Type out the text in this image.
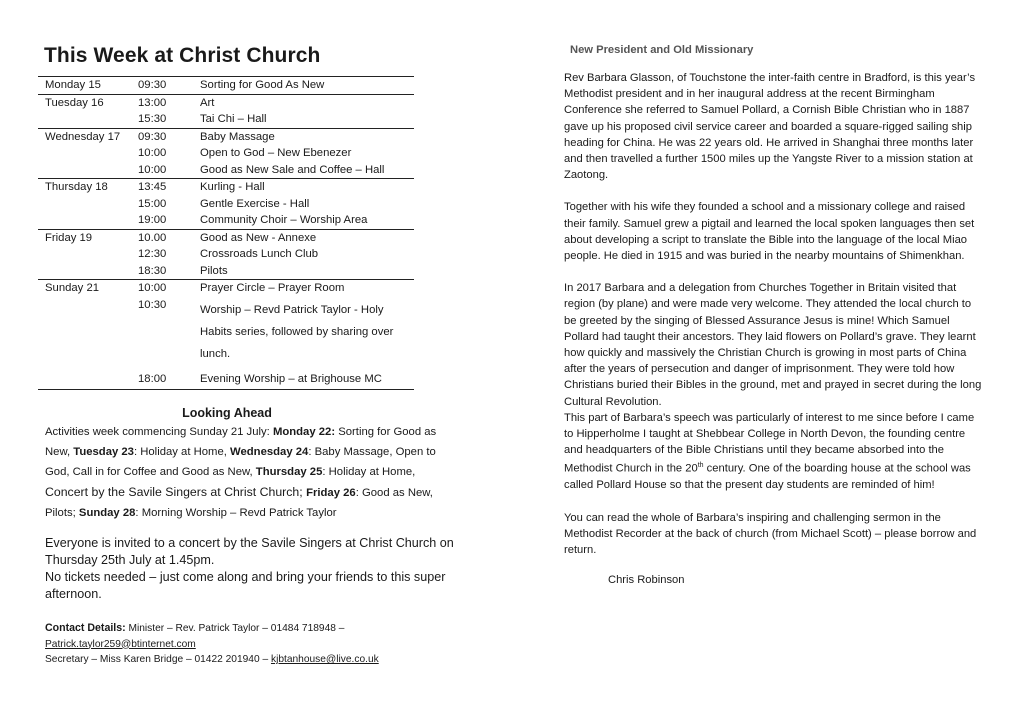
This Week at Christ Church
Monday 15	09:30	Sorting for Good As New
Tuesday 16	13:00	Art
	15:30	Tai Chi – Hall
Wednesday 17	09:30	Baby Massage
	10:00	Open to God – New Ebenezer
	10:00	Good as New Sale and Coffee – Hall
Thursday 18	13:45	Kurling - Hall
	15:00	Gentle Exercise - Hall
	19:00	Community Choir – Worship Area
Friday 19	10.00	Good as New - Annexe
	12:30	Crossroads Lunch Club
	18:30	Pilots
Sunday 21	10:00	Prayer Circle – Prayer Room
	10:30	Worship – Revd Patrick Taylor - Holy Habits series, followed by sharing over lunch.
	18:00	Evening Worship – at Brighouse MC
Looking Ahead
Activities week commencing Sunday 21 July: Monday 22: Sorting for Good as New, Tuesday 23: Holiday at Home, Wednesday 24: Baby Massage, Open to God, Call in for Coffee and Good as New, Thursday 25: Holiday at Home, Concert by the Savile Singers at Christ Church; Friday 26: Good as New, Pilots; Sunday 28: Morning Worship – Revd Patrick Taylor
Everyone is invited to a concert by the Savile Singers at Christ Church on Thursday 25th July at 1.45pm.
No tickets needed – just come along and bring your friends to this super afternoon.
Contact Details: Minister – Rev. Patrick Taylor – 01484 718948 –
Patrick.taylor259@btinternet.com
Secretary – Miss Karen Bridge – 01422 201940 – kjbtanhouse@live.co.uk
New President and Old Missionary
Rev Barbara Glasson, of Touchstone the inter-faith centre in Bradford, is this year’s Methodist president and in her inaugural address at the recent Birmingham Conference she referred to Samuel Pollard, a Cornish Bible Christian who in 1887 gave up his proposed civil service career and boarded a square-rigged sailing ship heading for China. He was 22 years old. He arrived in Shanghai three months later and then travelled a further 1500 miles up the Yangste River to a mission station at Zaotong.
Together with his wife they founded a school and a missionary college and raised their family. Samuel grew a pigtail and learned the local spoken languages then set about developing a script to translate the Bible into the language of the local Miao people. He died in 1915 and was buried in the nearby mountains of Shimenkhan.
In 2017 Barbara and a delegation from Churches Together in Britain visited that region (by plane) and were made very welcome. They attended the local church to be greeted by the singing of Blessed Assurance Jesus is mine! Which Samuel Pollard had taught their ancestors. They laid flowers on Pollard’s grave. They learnt how quickly and massively the Christian Church is growing in most parts of China after the years of persecution and danger of imprisonment. They were told how Christians buried their Bibles in the ground, met and prayed in secret during the long Cultural Revolution.
This part of Barbara’s speech was particularly of interest to me since before I came to Hipperholme I taught at Shebbear College in North Devon, the founding centre and headquarters of the Bible Christians until they became absorbed into the Methodist Church in the 20th century. One of the boarding house at the school was called Pollard House so that the present day students are reminded of him!
You can read the whole of Barbara’s inspiring and challenging sermon in the Methodist Recorder at the back of church (from Michael Scott) – please borrow and return.
Chris Robinson
